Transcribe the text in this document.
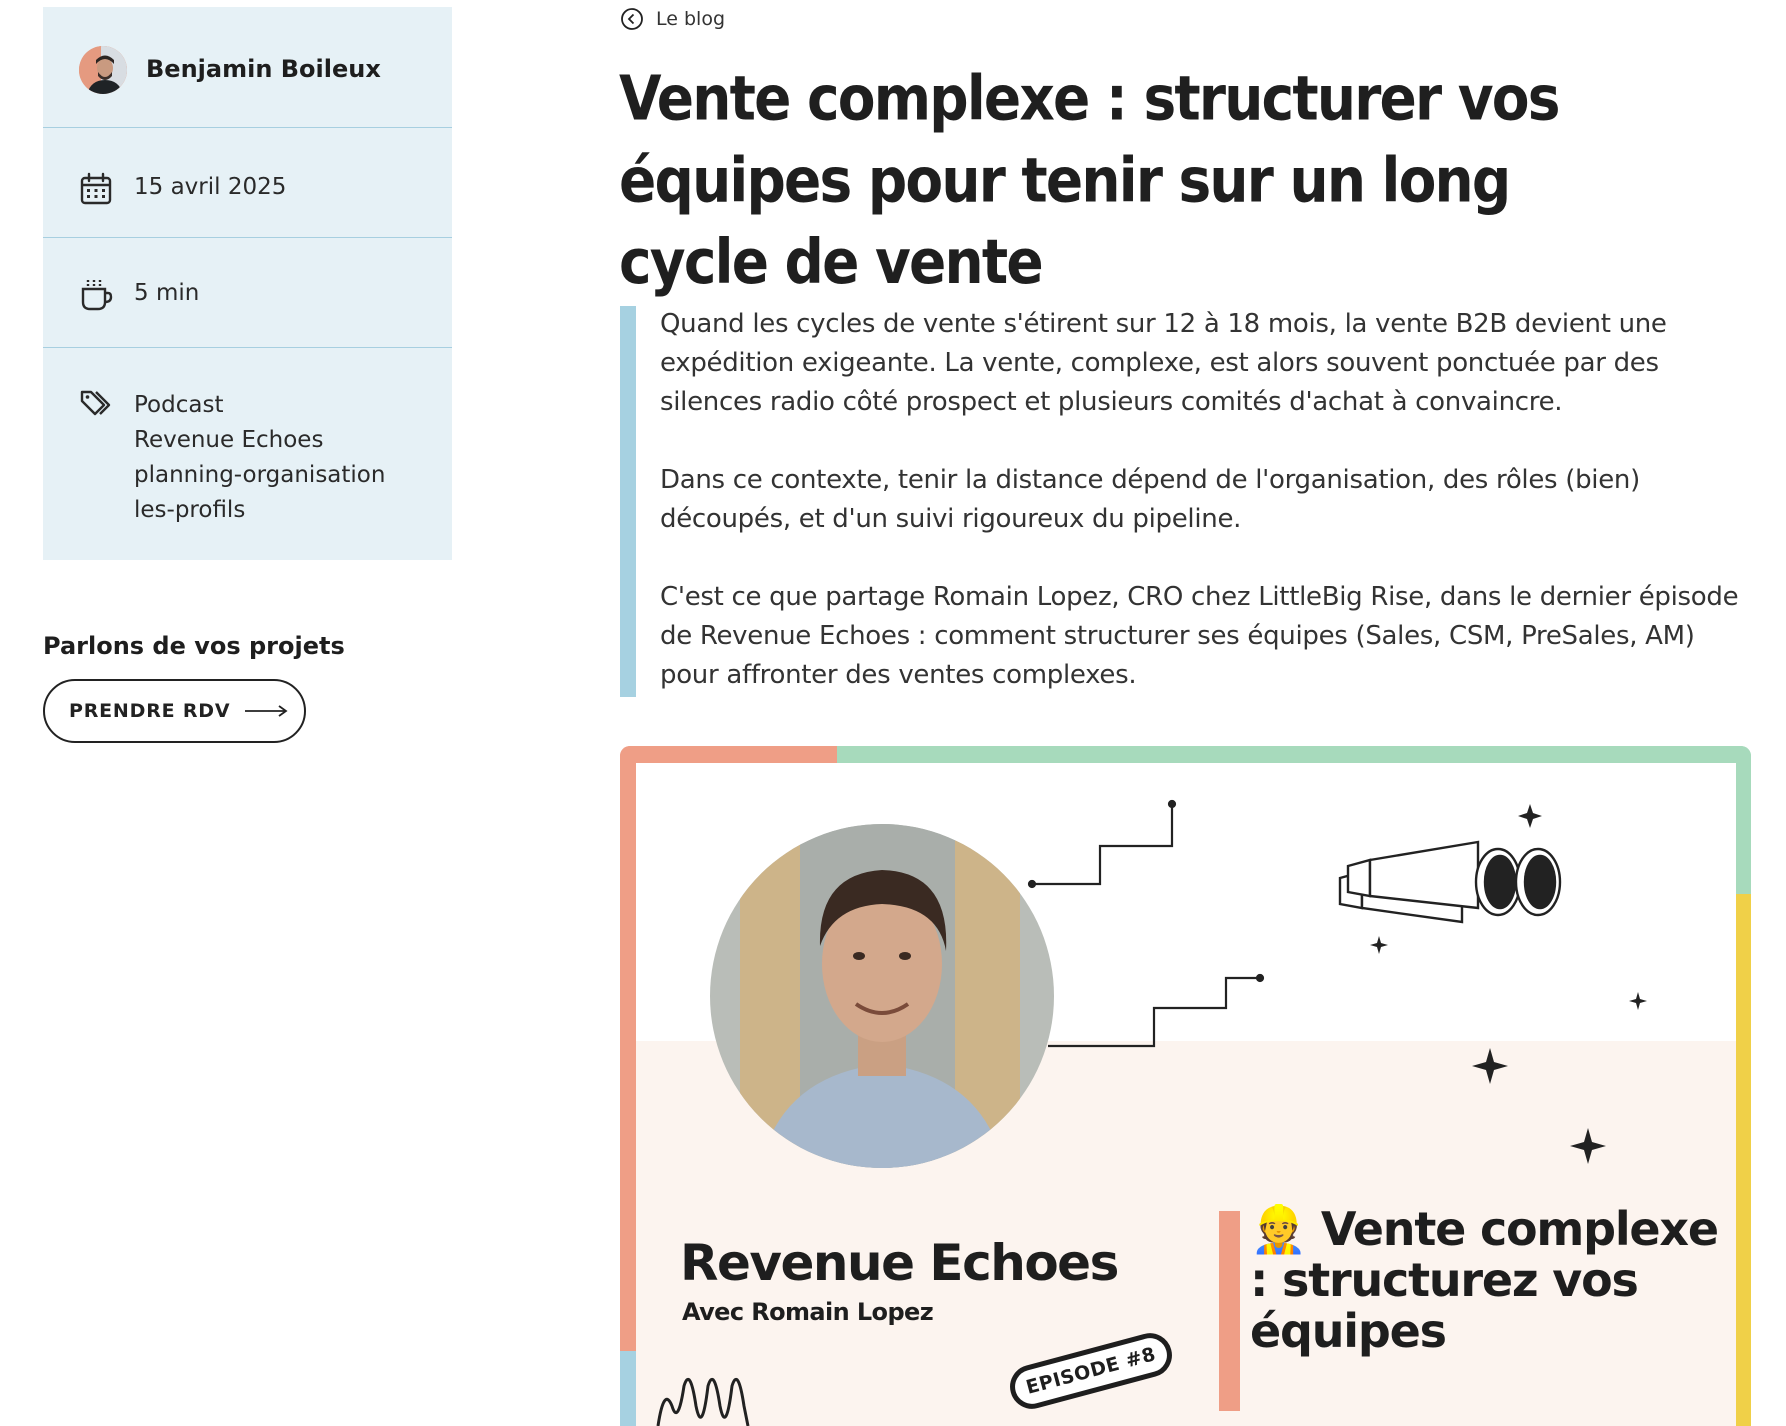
Benjamin Boileux
15 avril 2025
5 min
Podcast
Revenue Echoes
planning-organisation
les-profils
Parlons de vos projets
PRENDRE RDV
Le blog
Vente complexe : structurer vos équipes pour tenir sur un long cycle de vente

Quand les cycles de vente s'étirent sur 12 à 18 mois, la vente B2B devient une expédition exigeante. La vente, complexe, est alors souvent ponctuée par des silences radio côté prospect et plusieurs comités d'achat à convaincre.

Dans ce contexte, tenir la distance dépend de l'organisation, des rôles (bien) découpés, et d'un suivi rigoureux du pipeline.

C'est ce que partage Romain Lopez, CRO chez LittleBig Rise, dans le dernier épisode de Revenue Echoes : comment structurer ses équipes (Sales, CSM, PreSales, AM) pour affronter des ventes complexes.

Revenue Echoes
Avec Romain Lopez
EPISODE #8
👷 Vente complexe : structurez vos équipes
